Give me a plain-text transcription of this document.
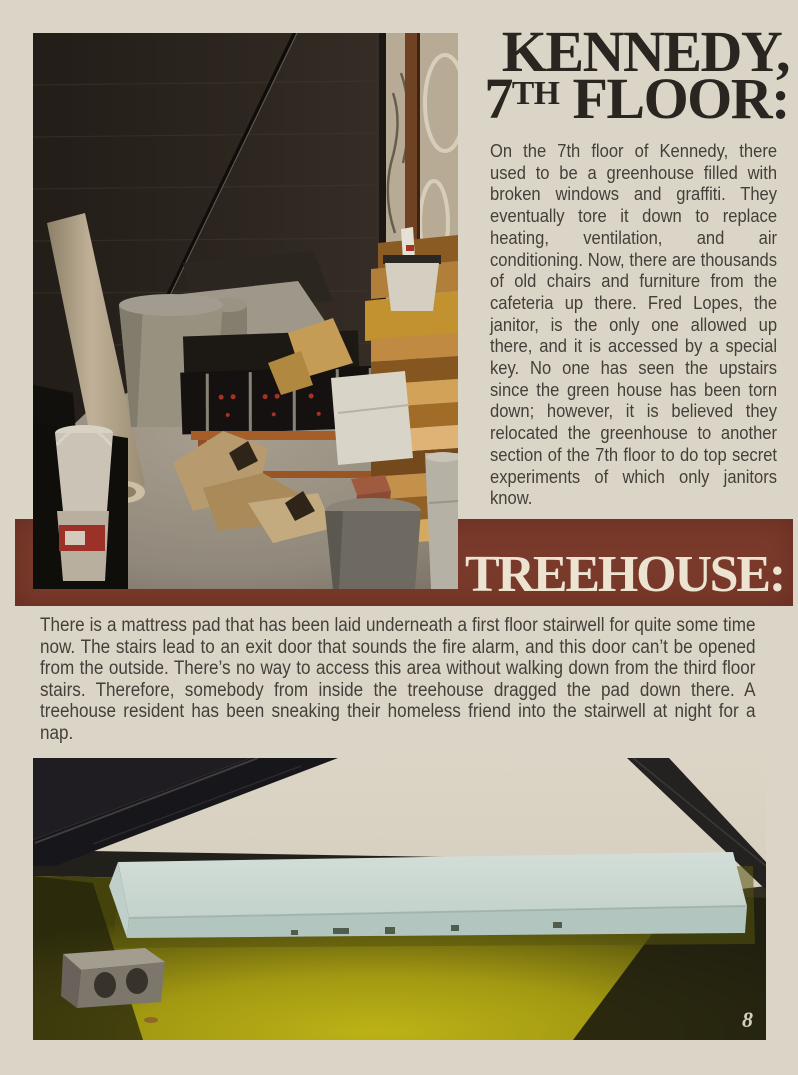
KENNEDY,
7TH FLOOR:

On the 7th floor of Kennedy, there used to be a greenhouse filled with broken windows and graffiti. They eventually tore it down to replace heating, ventilation, and air conditioning. Now, there are thousands of old chairs and furniture from the cafeteria up there. Fred Lopes, the janitor, is the only one allowed up there, and it is accessed by a special key. No one has seen the upstairs since the green house has been torn down; however, it is believed they relocated the greenhouse to another section of the 7th floor to do top secret experiments of which only janitors know.

TREEHOUSE:

There is a mattress pad that has been laid underneath a first floor stairwell for quite some time now. The stairs lead to an exit door that sounds the fire alarm, and this door can’t be opened from the outside. There’s no way to access this area without walking down from the third floor stairs. Therefore, somebody from inside the treehouse dragged the pad down there. A treehouse resident has been sneaking their homeless friend into the stairwell at night for a nap.

8
